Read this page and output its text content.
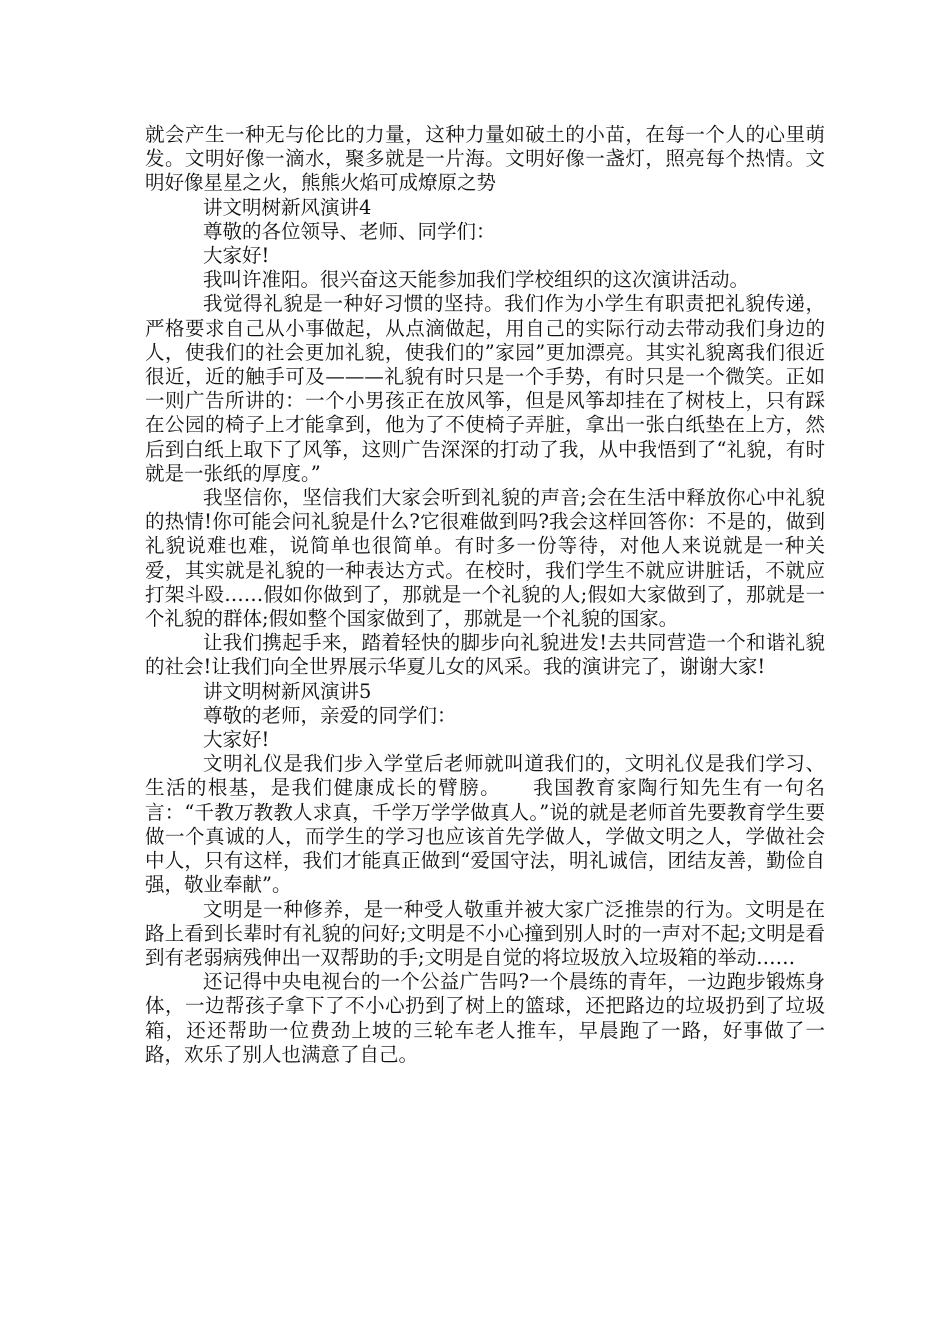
就会产生一种无与伦比的力量，这种力量如破土的小苗，在每一个人的心里萌发。文明好像一滴水，聚多就是一片海。文明好像一盏灯，照亮每个热情。文明好像星星之火，熊熊火焰可成燎原之势

讲文明树新风演讲4

尊敬的各位领导、老师、同学们：

大家好!

我叫许准阳。很兴奋这天能参加我们学校组织的这次演讲活动。

我觉得礼貌是一种好习惯的坚持。我们作为小学生有职责把礼貌传递，严格要求自己从小事做起，从点滴做起，用自己的实际行动去带动我们身边的人，使我们的社会更加礼貌，使我们的”家园”更加漂亮。其实礼貌离我们很近很近，近的触手可及———礼貌有时只是一个手势，有时只是一个微笑。正如一则广告所讲的：一个小男孩正在放风筝，但是风筝却挂在了树枝上，只有踩在公园的椅子上才能拿到，他为了不使椅子弄脏，拿出一张白纸垫在上方，然后到白纸上取下了风筝，这则广告深深的打动了我，从中我悟到了“礼貌，有时就是一张纸的厚度。”

我坚信你，坚信我们大家会听到礼貌的声音;会在生活中释放你心中礼貌的热情!你可能会问礼貌是什么?它很难做到吗?我会这样回答你：不是的，做到礼貌说难也难，说简单也很简单。有时多一份等待，对他人来说就是一种关爱，其实就是礼貌的一种表达方式。在校时，我们学生不就应讲脏话，不就应打架斗殴……假如你做到了，那就是一个礼貌的人;假如大家做到了，那就是一个礼貌的群体;假如整个国家做到了，那就是一个礼貌的国家。

让我们携起手来，踏着轻快的脚步向礼貌进发!去共同营造一个和谐礼貌的社会!让我们向全世界展示华夏儿女的风采。我的演讲完了，谢谢大家!

讲文明树新风演讲5

尊敬的老师，亲爱的同学们：

大家好!

文明礼仪是我们步入学堂后老师就叫道我们的，文明礼仪是我们学习、生活的根基，是我们健康成长的臂膀。　　我国教育家陶行知先生有一句名言：“千教万教教人求真，千学万学学做真人。”说的就是老师首先要教育学生要做一个真诚的人，而学生的学习也应该首先学做人，学做文明之人，学做社会中人，只有这样，我们才能真正做到“爱国守法，明礼诚信，团结友善，勤俭自强，敬业奉献”。

文明是一种修养，是一种受人敬重并被大家广泛推崇的行为。文明是在路上看到长辈时有礼貌的问好;文明是不小心撞到别人时的一声对不起;文明是看到有老弱病残伸出一双帮助的手;文明是自觉的将垃圾放入垃圾箱的举动……

还记得中央电视台的一个公益广告吗?一个晨练的青年，一边跑步锻炼身体，一边帮孩子拿下了不小心扔到了树上的篮球，还把路边的垃圾扔到了垃圾箱，还还帮助一位费劲上坡的三轮车老人推车，早晨跑了一路，好事做了一路，欢乐了别人也满意了自己。
